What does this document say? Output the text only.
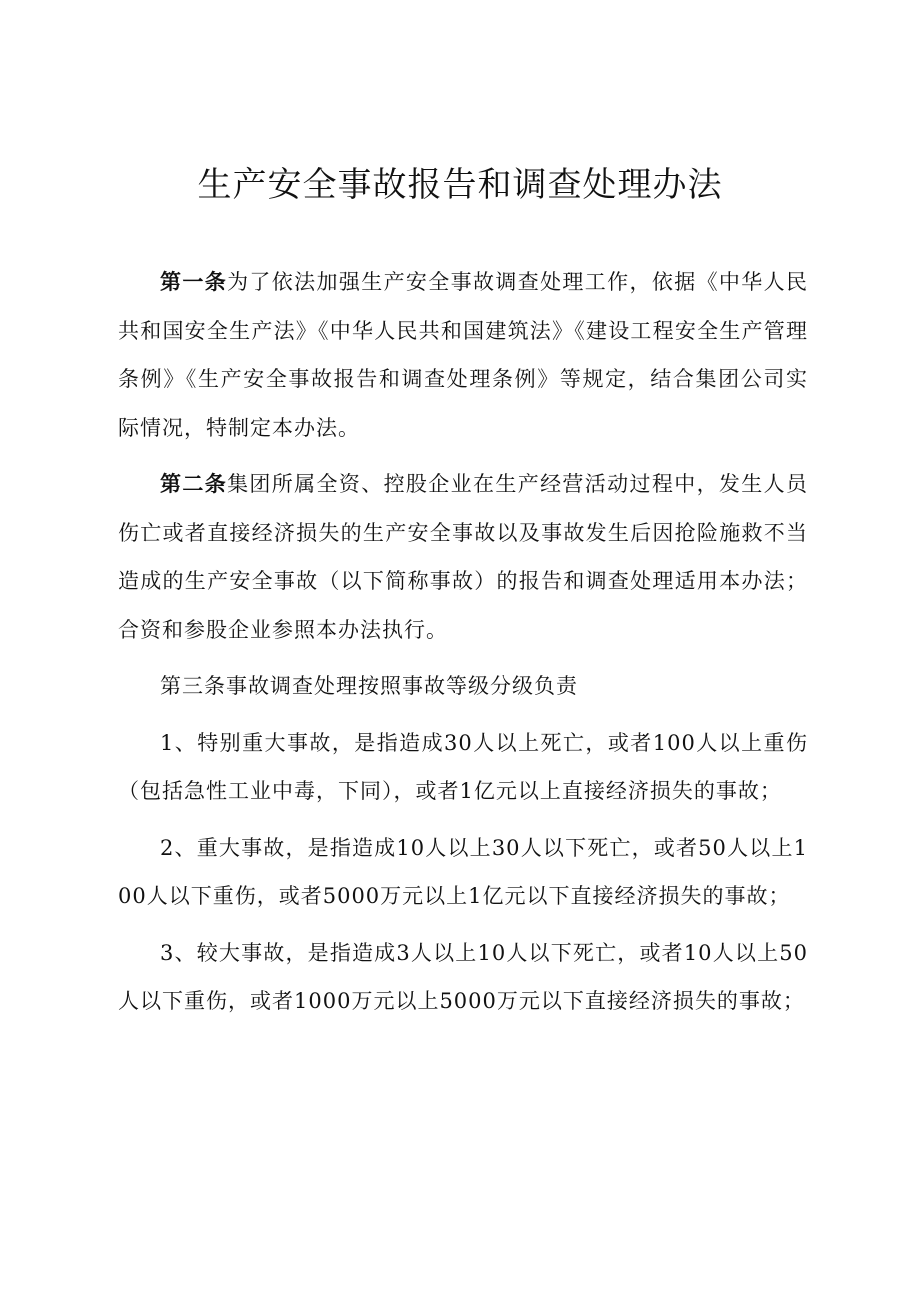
生产安全事故报告和调查处理办法

第一条为了依法加强生产安全事故调查处理工作，依据《中华人民共和国安全生产法》《中华人民共和国建筑法》《建设工程安全生产管理条例》《生产安全事故报告和调查处理条例》等规定，结合集团公司实际情况，特制定本办法。

第二条集团所属全资、控股企业在生产经营活动过程中，发生人员伤亡或者直接经济损失的生产安全事故以及事故发生后因抢险施救不当造成的生产安全事故（以下简称事故）的报告和调查处理适用本办法；合资和参股企业参照本办法执行。

第三条事故调查处理按照事故等级分级负责

1、特别重大事故，是指造成30人以上死亡，或者100人以上重伤（包括急性工业中毒，下同），或者1亿元以上直接经济损失的事故；

2、重大事故，是指造成10人以上30人以下死亡，或者50人以上100人以下重伤，或者5000万元以上1亿元以下直接经济损失的事故；

3、较大事故，是指造成3人以上10人以下死亡，或者10人以上50人以下重伤，或者1000万元以上5000万元以下直接经济损失的事故；
